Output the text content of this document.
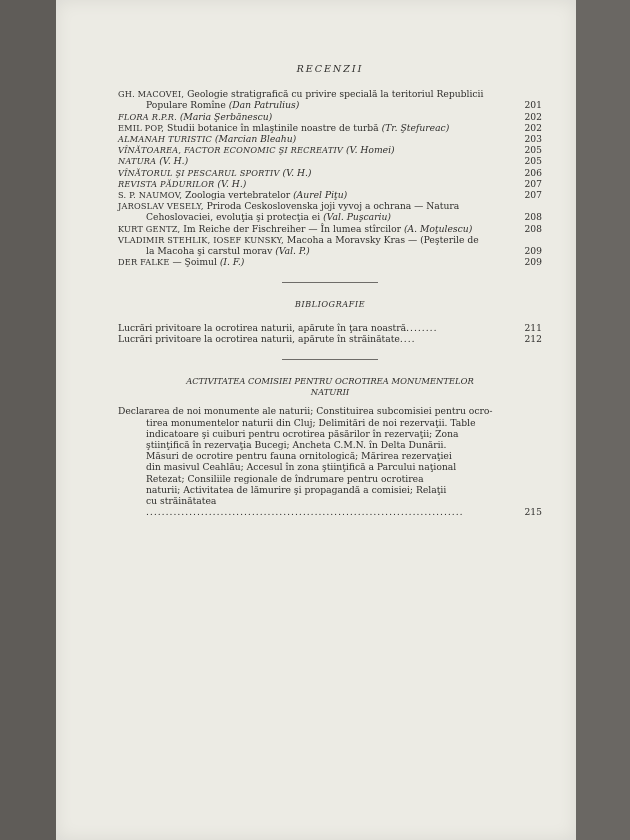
RECENZII
GH. MACOVEI, Geologie stratigrafică cu privire specială la teritoriul Republicii
Populare Romîne (Dan Patrulius)	201
FLORA R.P.R. (Maria Şerbănescu)	202
EMIL POP, Studii botanice în mlaştinile noastre de turbă (Tr. Ştefureac)	202
ALMANAH TURISTIC (Marcian Bleahu)	203
VÎNĂTOAREA, FACTOR ECONOMIC ŞI RECREATIV (V. Homei)	205
NATURA (V. H.)	205
VÎNĂTORUL ŞI PESCARUL SPORTIV (V. H.)	206
REVISTA PĂDURILOR (V. H.)	207
S. P. NAUMOV, Zoologia vertebratelor (Aurel Piţu)	207
JAROSLAV VESELY, Priroda Ceskoslovenska joji vyvoj a ochrana — Natura
Cehoslovaciei, evoluţia şi protecţia ei (Val. Puşcariu)	208
KURT GENTZ, Im Reiche der Fischreiher — În lumea stîrcilor (A. Moţulescu)	208
VLADIMIR STEHLIK, IOSEF KUNSKY, Macoha a Moravsky Kras — (Peşterile de
la Macoha şi carstul morav (Val. P.)	209
DER FALKE — Şoimul (I. F.)	209
BIBLIOGRAFIE
Lucrări privitoare la ocrotirea naturii, apărute în ţara noastră........	211
Lucrări privitoare la ocrotirea naturii, apărute în străinătate....	212
ACTIVITATEA COMISIEI PENTRU OCROTIREA MONUMENTELOR
NATURII
Declararea de noi monumente ale naturii; Constituirea subcomisiei pentru ocro-
tirea monumentelor naturii din Cluj; Delimitări de noi rezervaţii. Table
indicatoare şi cuiburi pentru ocrotirea păsărilor în rezervaţii; Zona
ştiinţifică în rezervaţia Bucegi; Ancheta C.M.N. în Delta Dunării.
Măsuri de ocrotire pentru fauna ornitologică; Mărirea rezervaţiei
din masivul Ceahlău; Accesul în zona ştiinţifică a Parcului naţional
Retezat; Consiliile regionale de îndrumare pentru ocrotirea
naturii; Activitatea de lămurire şi propagandă a comisiei; Relaţii
cu străinătatea .................................................................................	215
